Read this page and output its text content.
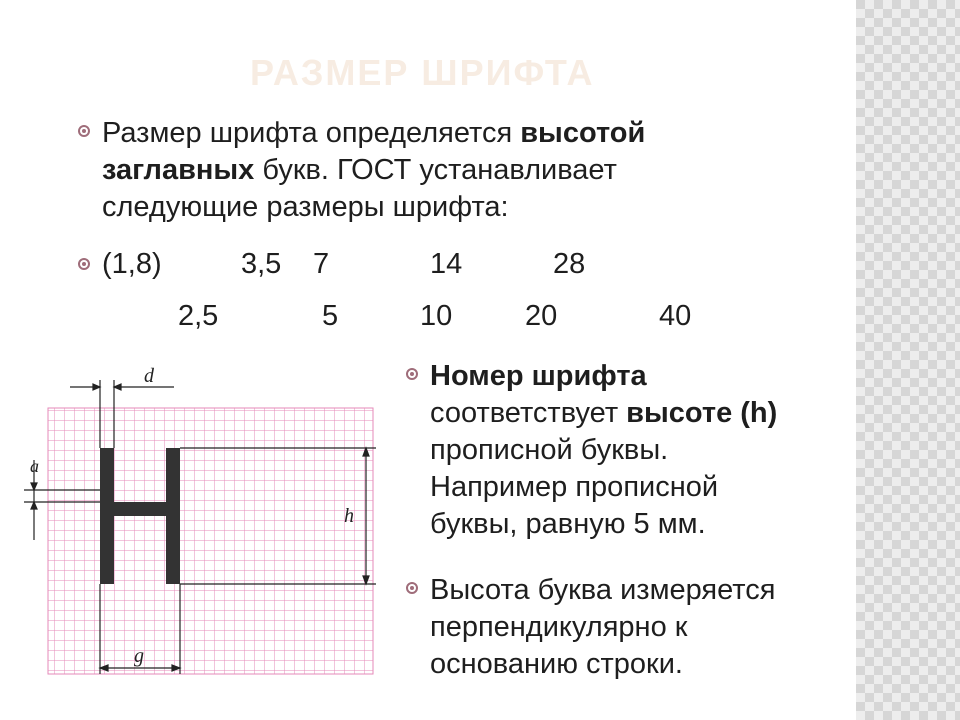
РАЗМЕР ШРИФТА
Размер шрифта определяется высотой
заглавных букв. ГОСТ устанавливает
следующие размеры шрифта:
(1,8)	3,5 7	14	28
2,5	5	10	20	40
Номер шрифта
соответствует высоте (h)
прописной буквы.
Например прописной
буквы, равную 5 мм.
Высота буква измеряется
перпендикулярно к
основанию строки.
d
a
h
g
